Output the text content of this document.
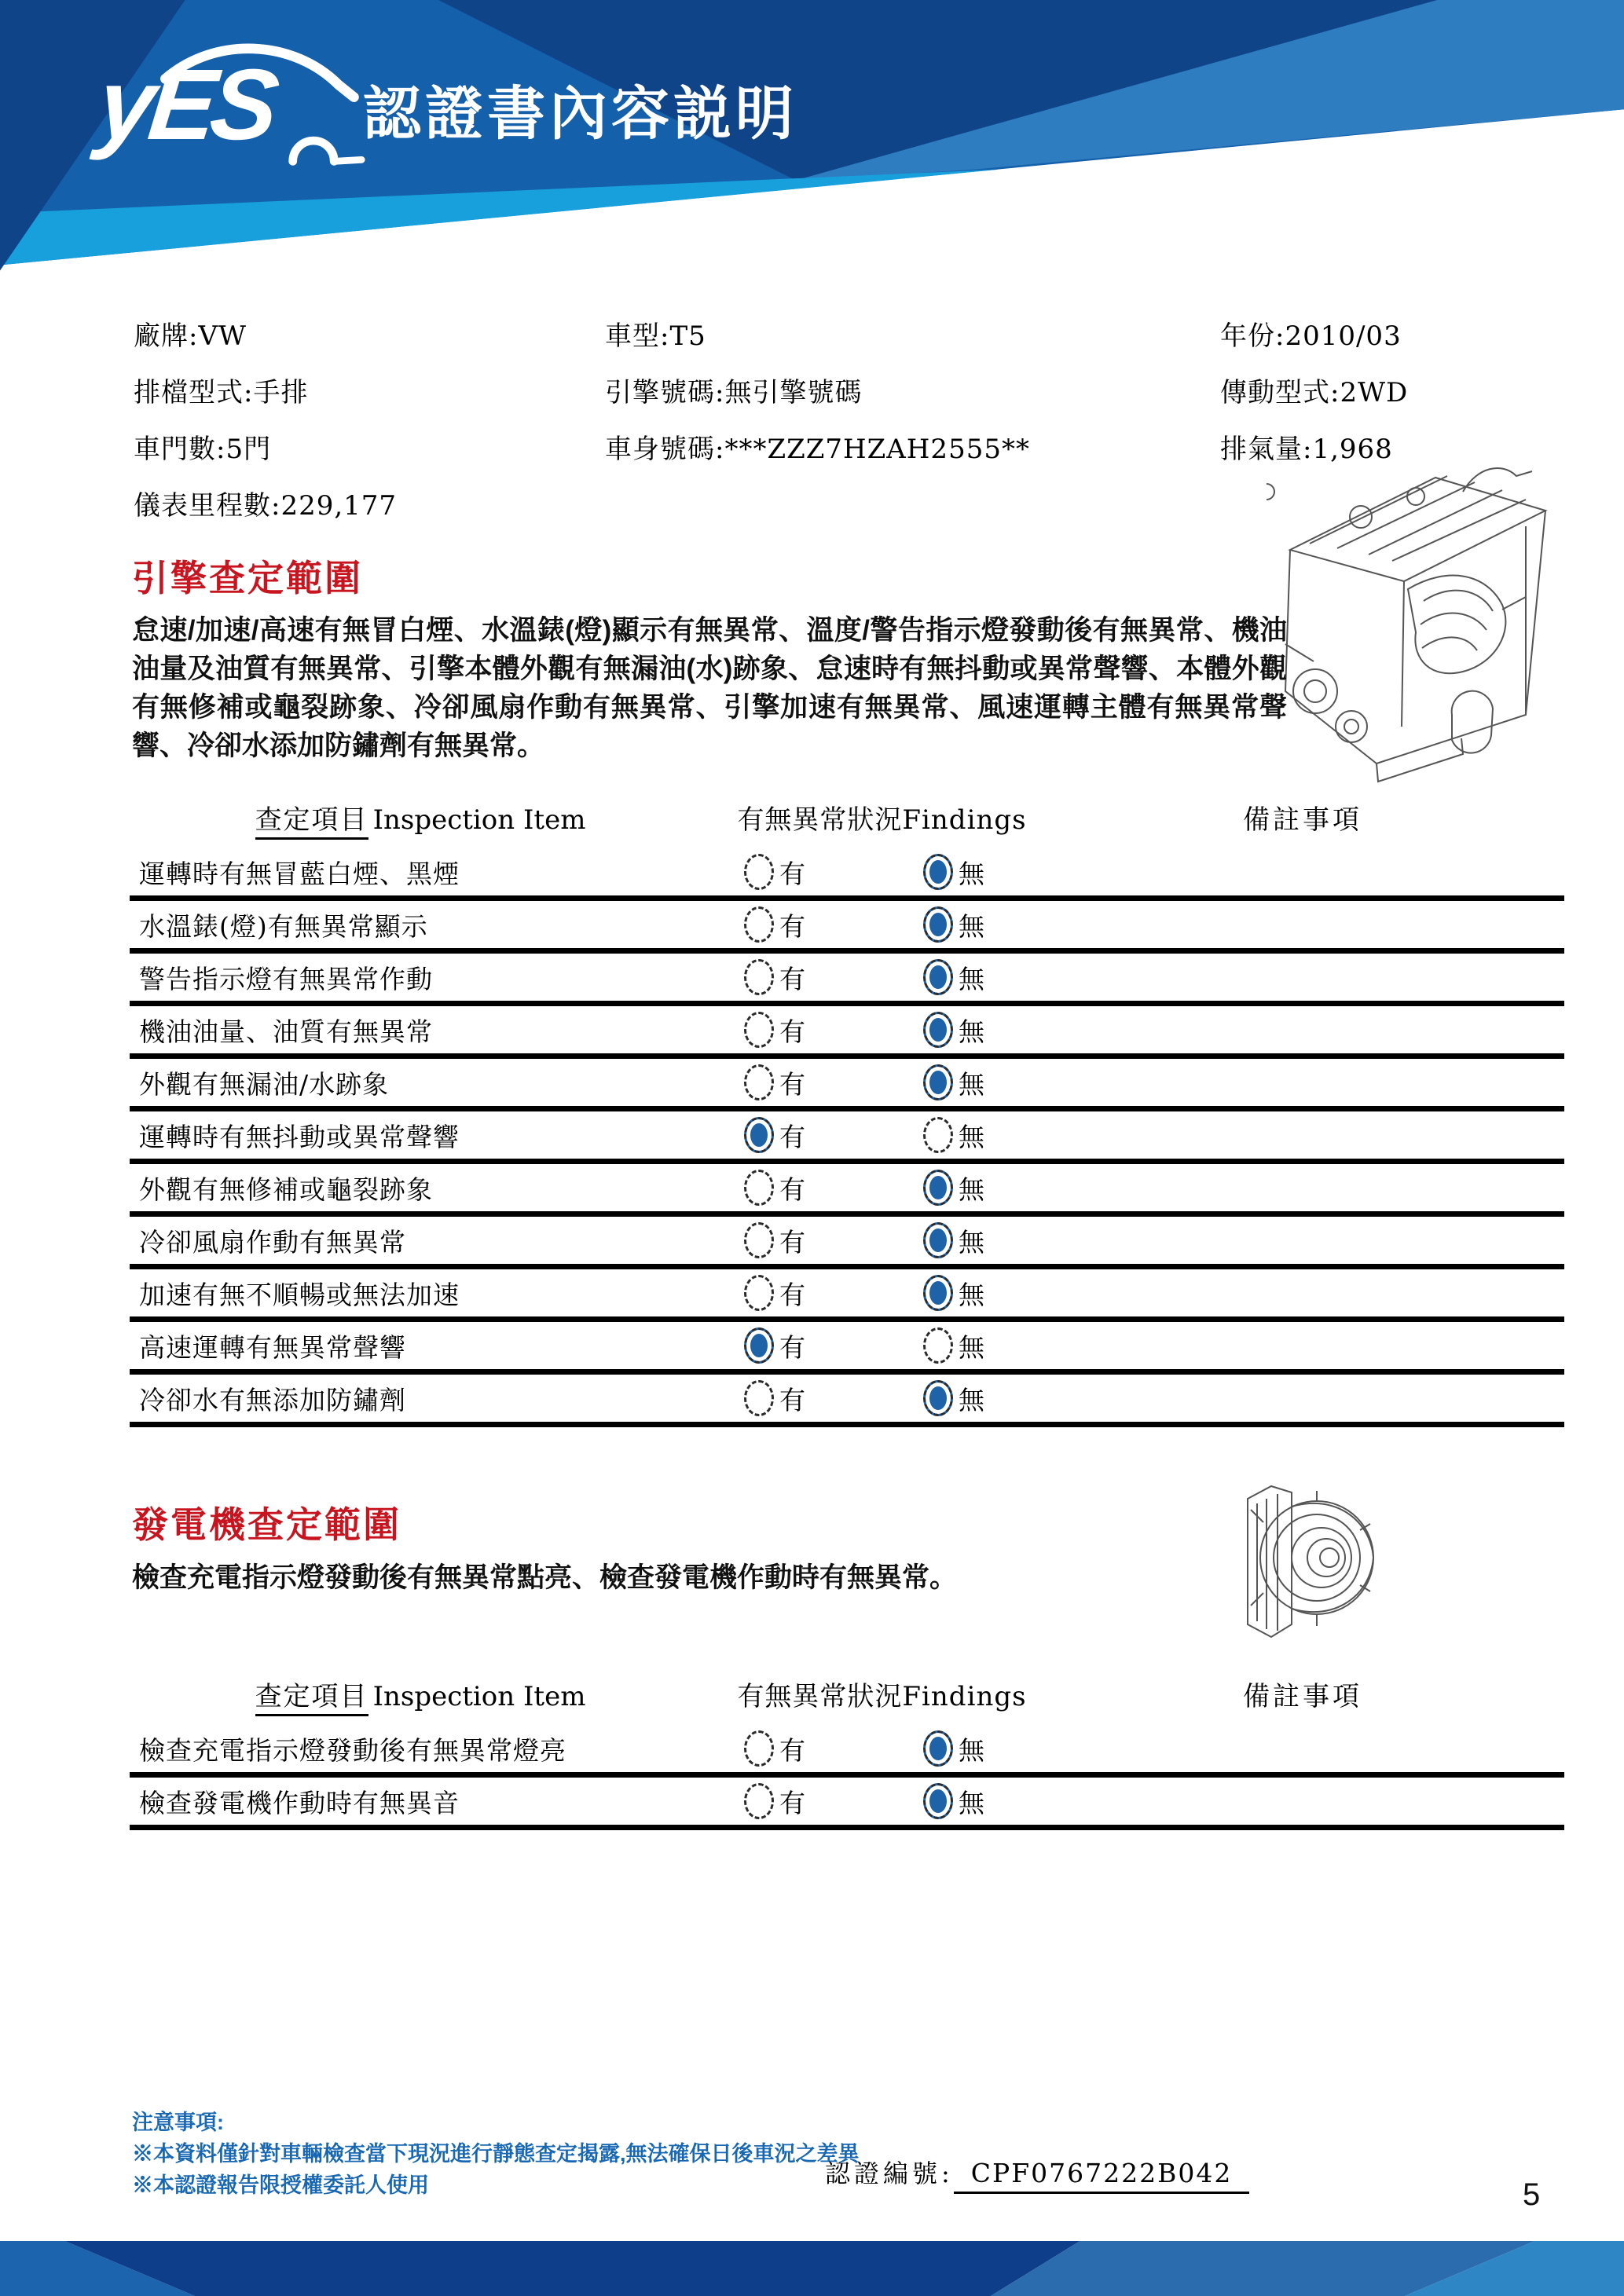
yES 認證書內容説明
廠牌:VW
排檔型式:手排
車門數:5門
儀表里程數:229,177
車型:T5
引擎號碼:無引擎號碼
車身號碼:***ZZZ7HZAH2555**
年份:2010/03
傳動型式:2WD
排氣量:1,968
引擎查定範圍
怠速/加速/高速有無冒白煙、水溫錶(燈)顯示有無異常、溫度/警告指示燈發動後有無異常、機油油量及油質有無異常、引擎本體外觀有無漏油(水)跡象、怠速時有無抖動或異常聲響、本體外觀有無修補或龜裂跡象、冷卻風扇作動有無異常、引擎加速有無異常、風速運轉主體有無異常聲響、冷卻水添加防鏽劑有無異常。
查定項目 Inspection Item	有無異常狀況Findings	備註事項
運轉時有無冒藍白煙、黑煙	有	無
水溫錶(燈)有無異常顯示	有	無
警告指示燈有無異常作動	有	無
機油油量、油質有無異常	有	無
外觀有無漏油/水跡象	有	無
運轉時有無抖動或異常聲響	有	無
外觀有無修補或龜裂跡象	有	無
冷卻風扇作動有無異常	有	無
加速有無不順暢或無法加速	有	無
高速運轉有無異常聲響	有	無
冷卻水有無添加防鏽劑	有	無
發電機查定範圍
檢查充電指示燈發動後有無異常點亮、檢查發電機作動時有無異常。
查定項目 Inspection Item	有無異常狀況Findings	備註事項
檢查充電指示燈發動後有無異常燈亮	有	無
檢查發電機作動時有無異音	有	無
注意事項:
※本資料僅針對車輛檢查當下現況進行靜態查定揭露,無法確保日後車況之差異
※本認證報告限授權委託人使用	認證編號: CPF0767222B042
5
